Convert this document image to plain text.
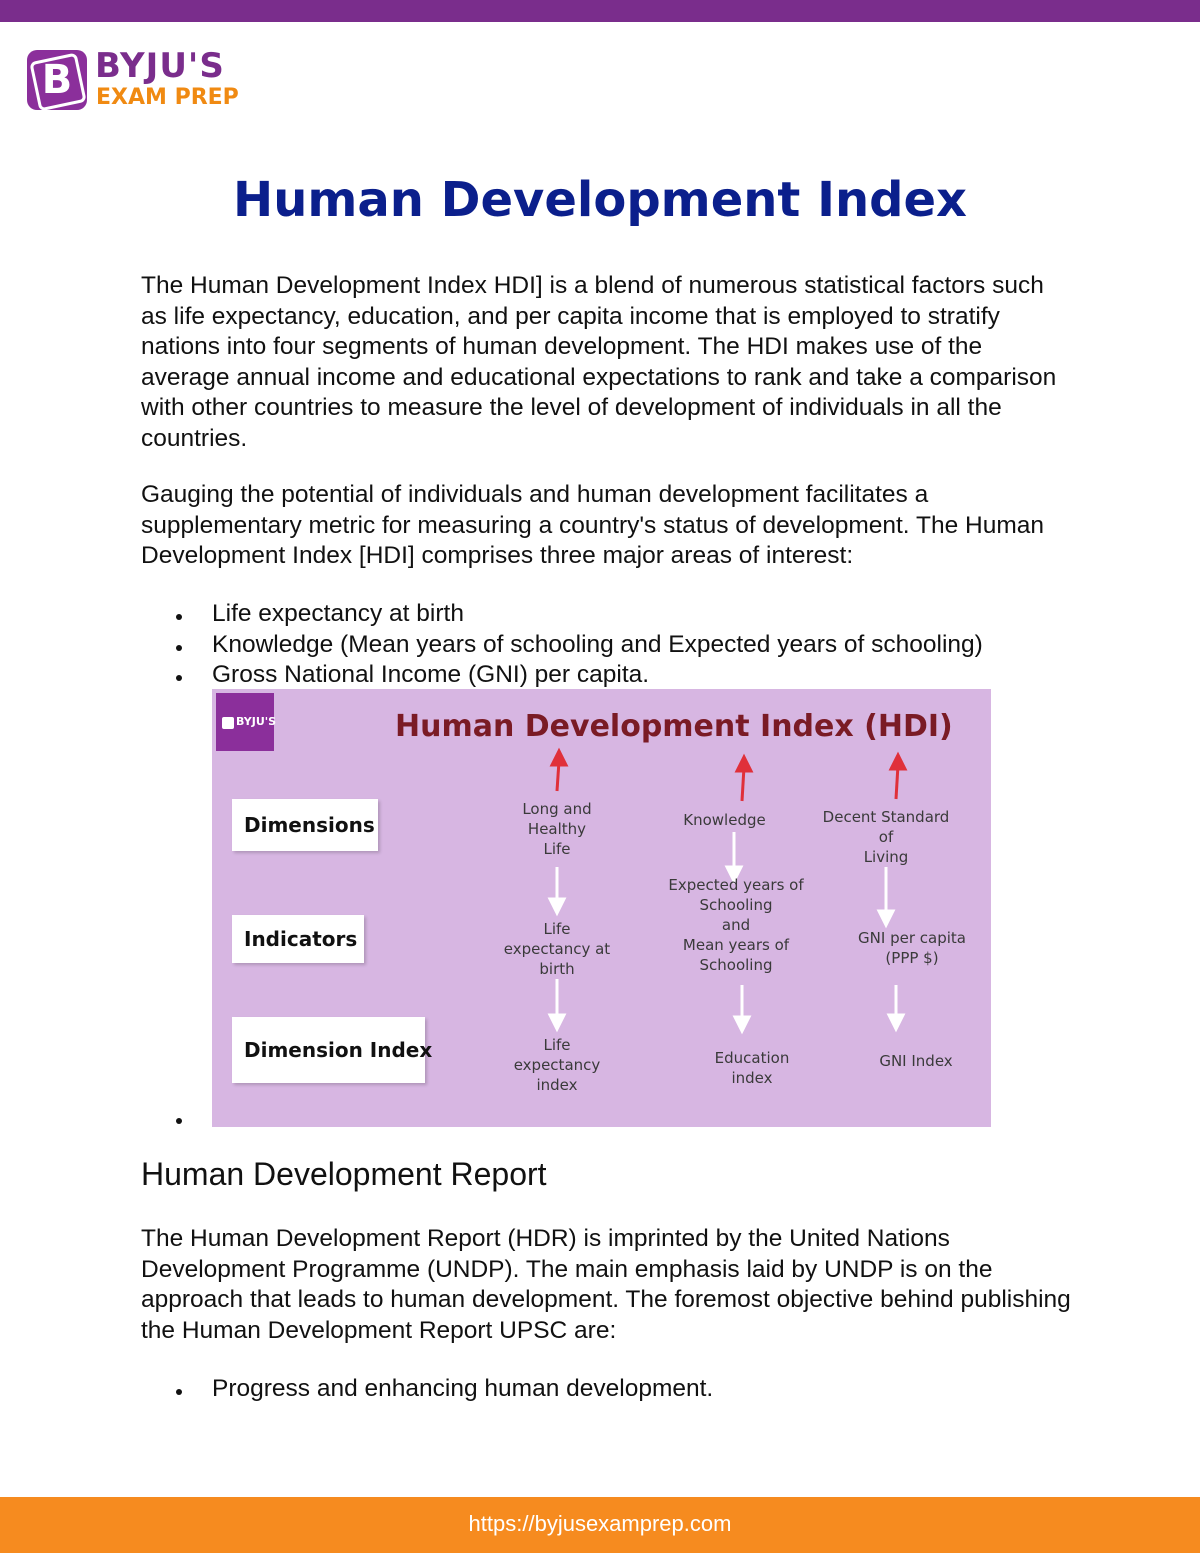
B BYJU'S
EXAM PREP
Human Development Index

The Human Development Index HDI] is a blend of numerous statistical factors such as life expectancy, education, and per capita income that is employed to stratify nations into four segments of human development. The HDI makes use of the average annual income and educational expectations to rank and take a comparison with other countries to measure the level of development of individuals in all the countries.

Gauging the potential of individuals and human development facilitates a supplementary metric for measuring a country's status of development. The Human Development Index [HDI] comprises three major areas of interest:

Life expectancy at birth
Knowledge (Mean years of schooling and Expected years of schooling)
Gross National Income (GNI) per capita.
BYJU'S	Human Development Index (HDI)
Dimensions
Indicators
Dimension Index
Long and
Healthy
Life
Knowledge	Decent Standard
of
Living
Life
expectancy at
birth
Expected years of
Schooling
and
Mean years of
Schooling
GNI per capita
(PPP $)
Life
expectancy
index
Education
index
GNI Index
Human Development Report

The Human Development Report (HDR) is imprinted by the United Nations Development Programme (UNDP). The main emphasis laid by UNDP is on the approach that leads to human development. The foremost objective behind publishing the Human Development Report UPSC are:

Progress and enhancing human development.
https://byjusexamprep.com
